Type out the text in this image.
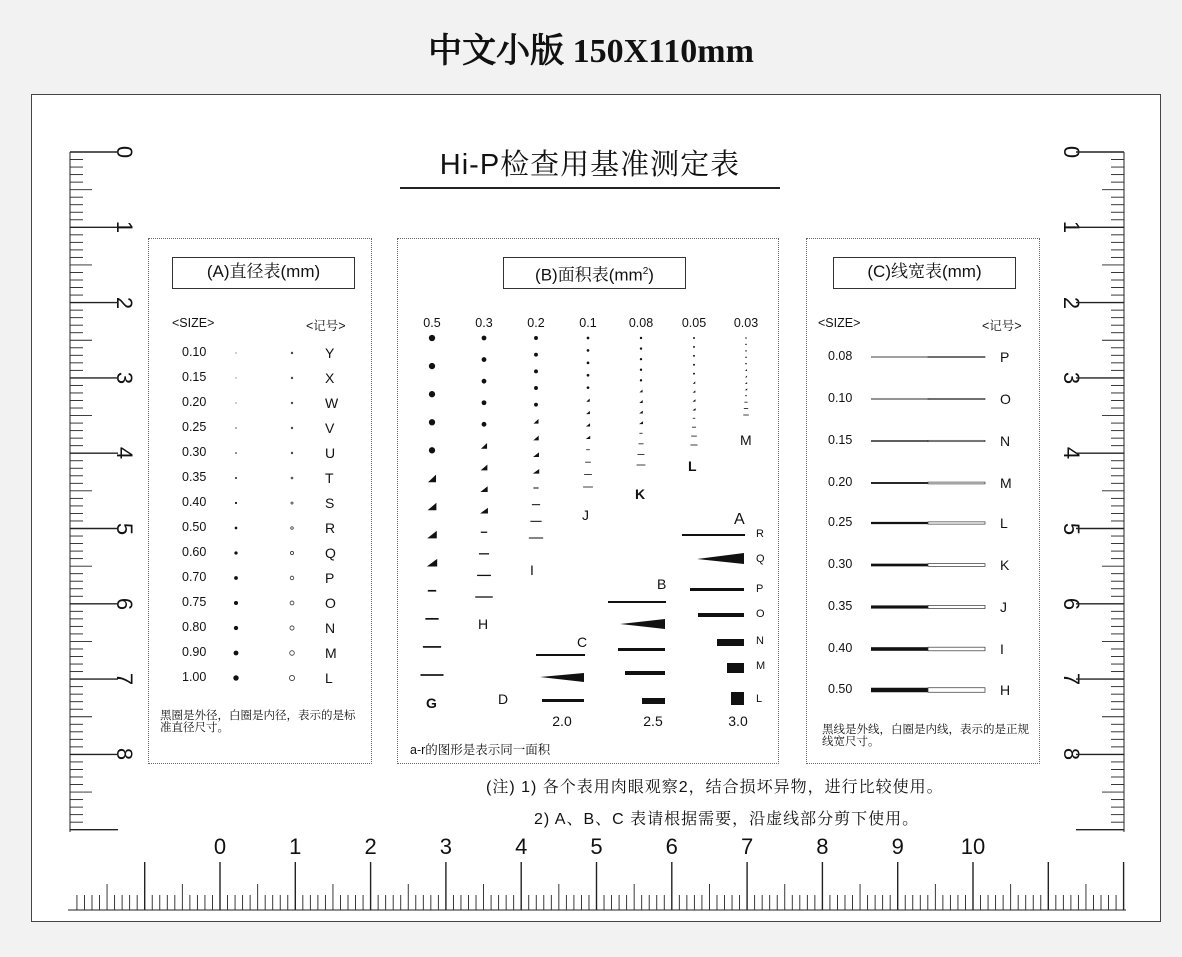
中文小版 150X110mm
Hi-P检查用基准测定表
(A)直径表(mm)
<SIZE>	<记号>
0.10	Y
0.15	X
0.20	W
0.25	V
0.30	U
0.35	T
0.40	S
0.50	R
0.60	Q
0.70	P
0.75	O
0.80	N
0.90	M
1.00	L
黑圈是外径，白圈是内径，表示的是标准直径尺寸。
(B)面积表$(mm^2)$
0.5	0.3	0.2	0.1	0.08	0.05	0.03
G
H
I
J
K
L
M
D
C
B
A
R
Q
P
O
N
M
L
2.0	2.5	3.0
a-r的图形是表示同一面积
(C)线宽表(mm)
<SIZE>	<记号>
0.08	P
0.10	O
0.15	N
0.20	M
0.25	L
0.30	K
0.35	J
0.40	I
0.50	H
黑线是外线，白圈是内线，表示的是正规线宽尺寸。
(注) 1) 各个表用肉眼观察2，结合损坏异物，进行比较使用。
2) A、B、C 表请根据需要，沿虚线部分剪下使用。
0	0
1	1
2	2
3	3
4	4
5	5
6	6
7	7
8	8
0	1	2	3	4	5	6	7	8	9	10
